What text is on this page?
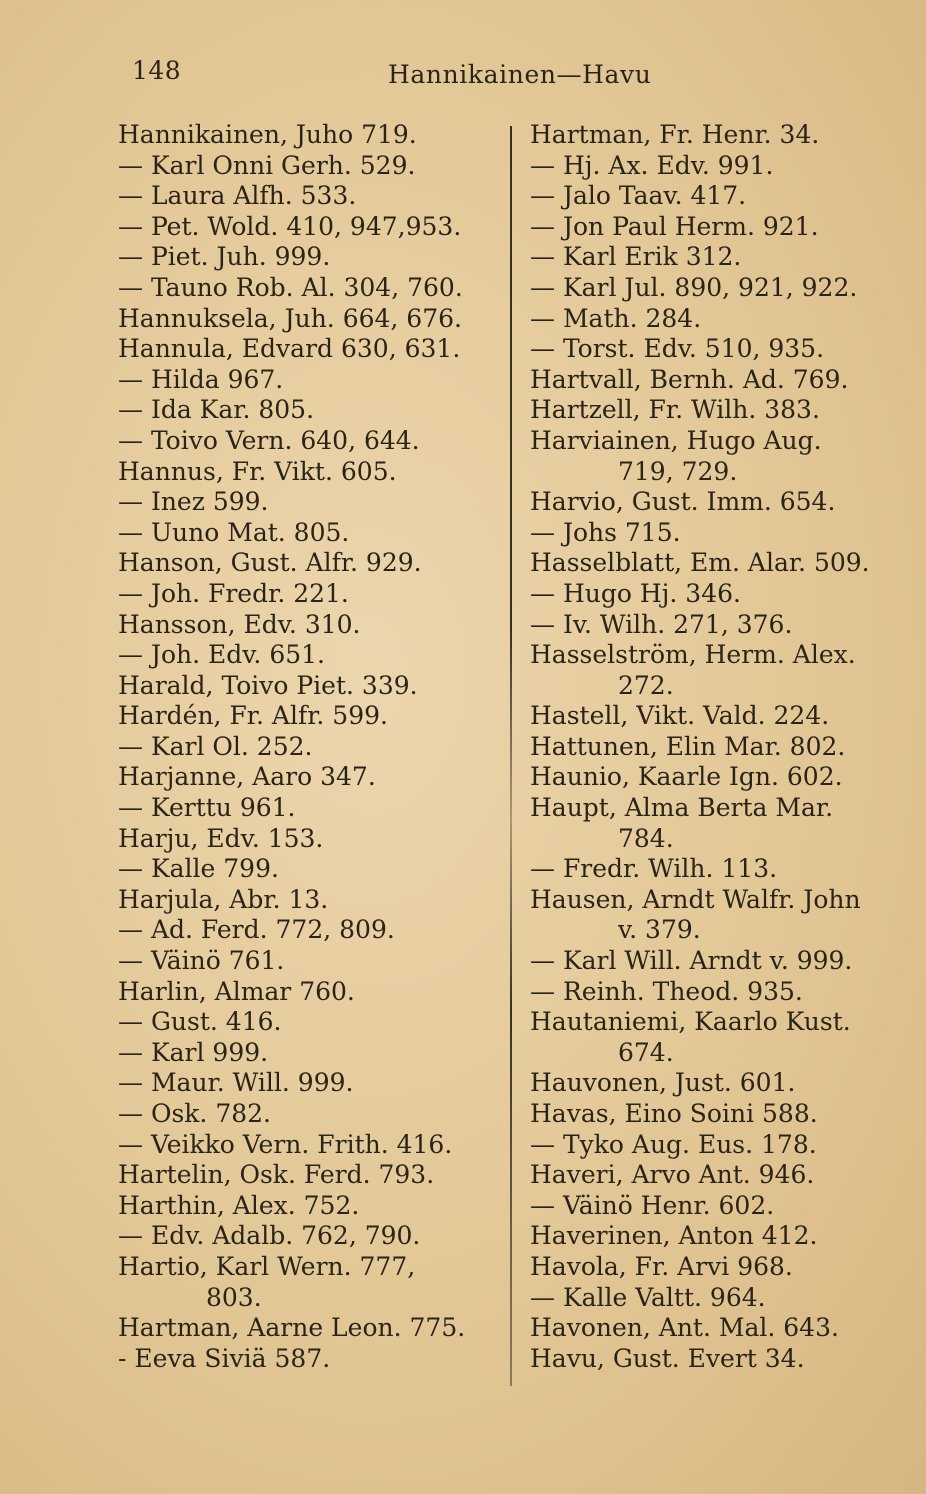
148	Hannikainen—Havu
Hannikainen, Juho 719.
— Karl Onni Gerh. 529.
— Laura Alfh. 533.
— Pet. Wold. 410, 947,953.
— Piet. Juh. 999.
— Tauno Rob. Al. 304, 760.
Hannuksela, Juh. 664, 676.
Hannula, Edvard 630, 631.
— Hilda 967.
— Ida Kar. 805.
— Toivo Vern. 640, 644.
Hannus, Fr. Vikt. 605.
— Inez 599.
— Uuno Mat. 805.
Hanson, Gust. Alfr. 929.
— Joh. Fredr. 221.
Hansson, Edv. 310.
— Joh. Edv. 651.
Harald, Toivo Piet. 339.
Hardén, Fr. Alfr. 599.
— Karl Ol. 252.
Harjanne, Aaro 347.
— Kerttu 961.
Harju, Edv. 153.
— Kalle 799.
Harjula, Abr. 13.
— Ad. Ferd. 772, 809.
— Väinö 761.
Harlin, Almar 760.
— Gust. 416.
— Karl 999.
— Maur. Will. 999.
— Osk. 782.
— Veikko Vern. Frith. 416.
Hartelin, Osk. Ferd. 793.
Harthin, Alex. 752.
— Edv. Adalb. 762, 790.
Hartio, Karl Wern. 777,
803.
Hartman, Aarne Leon. 775.
- Eeva Siviä 587.
Hartman, Fr. Henr. 34.
— Hj. Ax. Edv. 991.
— Jalo Taav. 417.
— Jon Paul Herm. 921.
— Karl Erik 312.
— Karl Jul. 890, 921, 922.
— Math. 284.
— Torst. Edv. 510, 935.
Hartvall, Bernh. Ad. 769.
Hartzell, Fr. Wilh. 383.
Harviainen, Hugo Aug.
719, 729.
Harvio, Gust. Imm. 654.
— Johs 715.
Hasselblatt, Em. Alar. 509.
— Hugo Hj. 346.
— Iv. Wilh. 271, 376.
Hasselström, Herm. Alex.
272.
Hastell, Vikt. Vald. 224.
Hattunen, Elin Mar. 802.
Haunio, Kaarle Ign. 602.
Haupt, Alma Berta Mar.
784.
— Fredr. Wilh. 113.
Hausen, Arndt Walfr. John
v. 379.
— Karl Will. Arndt v. 999.
— Reinh. Theod. 935.
Hautaniemi, Kaarlo Kust.
674.
Hauvonen, Just. 601.
Havas, Eino Soini 588.
— Tyko Aug. Eus. 178.
Haveri, Arvo Ant. 946.
— Väinö Henr. 602.
Haverinen, Anton 412.
Havola, Fr. Arvi 968.
— Kalle Valtt. 964.
Havonen, Ant. Mal. 643.
Havu, Gust. Evert 34.
